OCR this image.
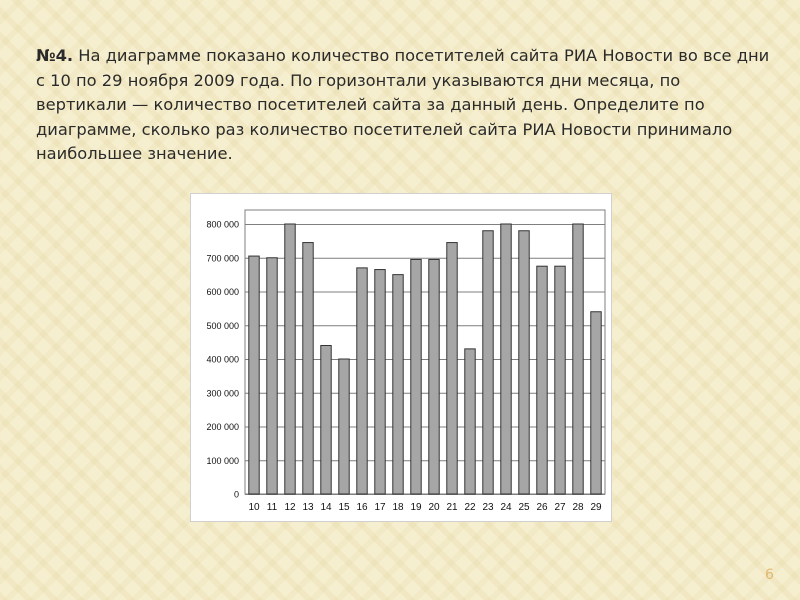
№4. На диаграмме показано количество посетителей сайта РИА Новости во все дни с 10 по 29 ноября 2009 года. По горизонтали указываются дни месяца, по вертикали — количество посетителей сайта за данный день. Определите по диаграмме, сколько раз количество посетителей сайта РИА Новости принимало наибольшее значение.
0
100 000
200 000
300 000
400 000
500 000
600 000
700 000
800 000
10 11 12 13 14 15 16 17 18 19 20 21 22 23 24 25 26 27 28 29
6
